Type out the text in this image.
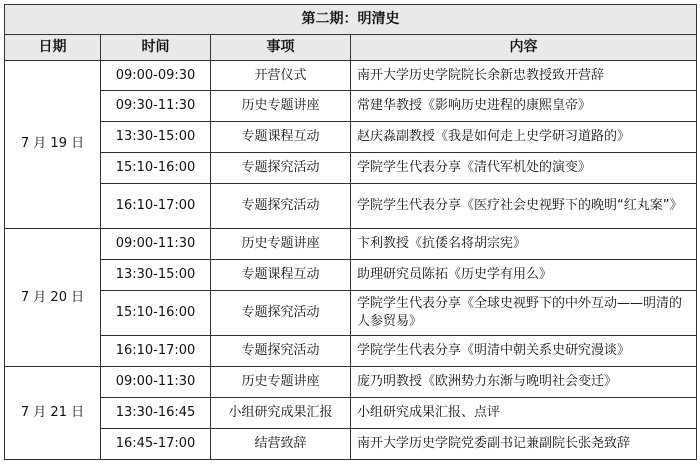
第二期：明清史			
日期	时间	事项	内容
7 月 19 日	09:00-09:30	开营仪式	南开大学历史学院院长余新忠教授致开营辞
	09:30-11:30	历史专题讲座	常建华教授《影响历史进程的康熙皇帝》
	13:30-15:00	专题课程互动	赵庆淼副教授《我是如何走上史学研习道路的》
	15:10-16:00	专题探究活动	学院学生代表分享《清代军机处的演变》
	16:10-17:00	专题探究活动	学院学生代表分享《医疗社会史视野下的晚明“红丸案”》
7 月 20 日	09:00-11:30	历史专题讲座	卞利教授《抗倭名将胡宗宪》
	13:30-15:00	专题课程互动	助理研究员陈拓《历史学有用么》
	15:10-16:00	专题探究活动	学院学生代表分享《全球史视野下的中外互动——明清的人参贸易》
	16:10-17:00	专题探究活动	学院学生代表分享《明清中朝关系史研究漫谈》
7 月 21 日	09:00-11:30	历史专题讲座	庞乃明教授《欧洲势力东渐与晚明社会变迁》
	13:30-16:45	小组研究成果汇报	小组研究成果汇报、点评
	16:45-17:00	结营致辞	南开大学历史学院党委副书记兼副院长张尧致辞
